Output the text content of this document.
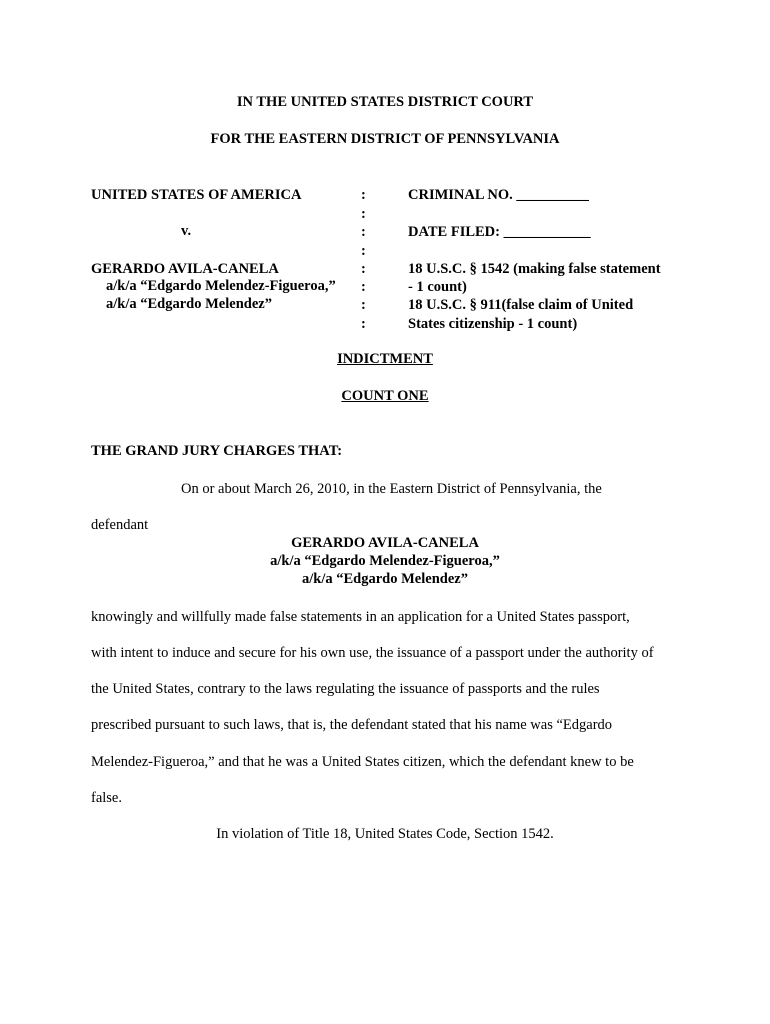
IN THE UNITED STATES DISTRICT COURT
FOR THE EASTERN DISTRICT OF PENNSYLVANIA
UNITED STATES OF AMERICA
v.
GERARDO AVILA-CANELA
a/k/a “Edgardo Melendez-Figueroa,”
a/k/a “Edgardo Melendez”
:
:
:
:
:
:
:
:
CRIMINAL NO. __________
DATE FILED: ____________
18 U.S.C. § 1542 (making false statement
- 1 count)
18 U.S.C. § 911(false claim of United
States citizenship - 1 count)
INDICTMENT
COUNT ONE
THE GRAND JURY CHARGES THAT:
On or about March 26, 2010, in the Eastern District of Pennsylvania, the
defendant
GERARDO AVILA-CANELA
a/k/a “Edgardo Melendez-Figueroa,”
a/k/a “Edgardo Melendez”
knowingly and willfully made false statements in an application for a United States passport,
with intent to induce and secure for his own use, the issuance of a passport under the authority of
the United States, contrary to the laws regulating the issuance of passports and the rules
prescribed pursuant to such laws, that is, the defendant stated that his name was “Edgardo
Melendez-Figueroa,” and that he was a United States citizen, which the defendant knew to be
false.
In violation of Title 18, United States Code, Section 1542.
